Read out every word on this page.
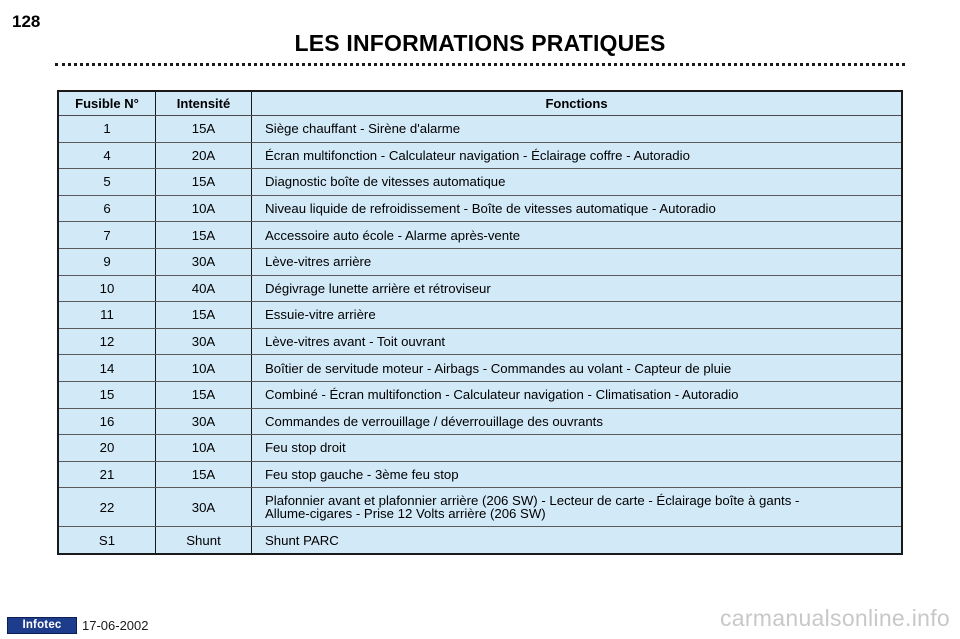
128
LES INFORMATIONS PRATIQUES
Fusible N°	Intensité	Fonctions
1	15A	Siège chauffant - Sirène d'alarme
4	20A	Écran multifonction - Calculateur navigation - Éclairage coffre - Autoradio
5	15A	Diagnostic boîte de vitesses automatique
6	10A	Niveau liquide de refroidissement - Boîte de vitesses automatique - Autoradio
7	15A	Accessoire auto école - Alarme après-vente
9	30A	Lève-vitres arrière
10	40A	Dégivrage lunette arrière et rétroviseur
11	15A	Essuie-vitre arrière
12	30A	Lève-vitres avant - Toit ouvrant
14	10A	Boîtier de servitude moteur - Airbags - Commandes au volant - Capteur de pluie
15	15A	Combiné - Écran multifonction - Calculateur navigation - Climatisation - Autoradio
16	30A	Commandes de verrouillage / déverrouillage des ouvrants
20	10A	Feu stop droit
21	15A	Feu stop gauche - 3ème feu stop
22	30A	Plafonnier avant et plafonnier arrière (206 SW) - Lecteur de carte - Éclairage boîte à gants -
Allume-cigares - Prise 12 Volts arrière (206 SW)
S1	Shunt	Shunt PARC
Infotec	17-06-2002	carmanualsonline.info
